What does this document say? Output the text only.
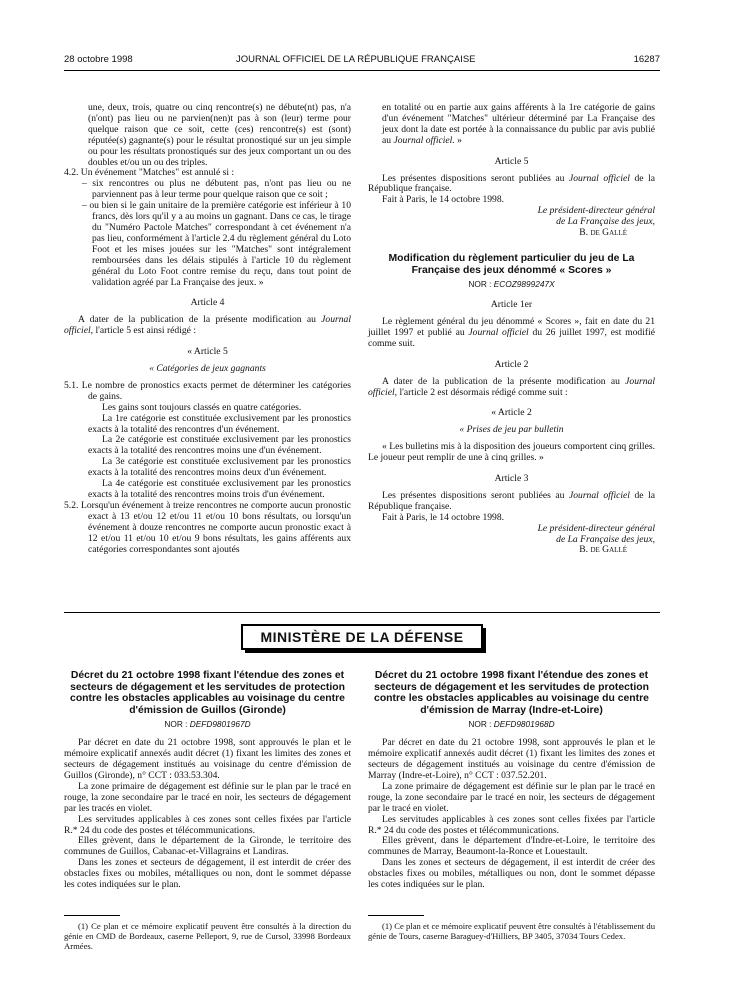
28 octobre 1998	JOURNAL OFFICIEL DE LA RÉPUBLIQUE FRANÇAISE	16287

une, deux, trois, quatre ou cinq rencontre(s) ne débute(nt) pas, n'a (n'ont) pas lieu ou ne parvien(nen)t pas à son (leur) terme pour quelque raison que ce soit, cette (ces) rencontre(s) est (sont) réputée(s) gagnante(s) pour le résultat pronostiqué sur un jeu simple ou pour les résultats pronostiqués sur des jeux comportant un ou des doubles et/ou un ou des triples.

4.2. Un événement "Matches" est annulé si :

– six rencontres ou plus ne débutent pas, n'ont pas lieu ou ne parviennent pas à leur terme pour quelque raison que ce soit ;

– ou bien si le gain unitaire de la première catégorie est inférieur à 10 francs, dès lors qu'il y a au moins un gagnant. Dans ce cas, le tirage du "Numéro Pactole Matches" correspondant à cet événement n'a pas lieu, conformément à l'article 2.4 du règlement général du Loto Foot et les mises jouées sur les "Matches" sont intégralement remboursées dans les délais stipulés à l'article 10 du règlement général du Loto Foot contre remise du reçu, dans tout point de validation agréé par La Française des jeux. »

Article 4

A dater de la publication de la présente modification au Journal officiel, l'article 5 est ainsi rédigé :

« Article 5

« Catégories de jeux gagnants

5.1. Le nombre de pronostics exacts permet de déterminer les catégories de gains.

Les gains sont toujours classés en quatre catégories.

La 1re catégorie est constituée exclusivement par les pronostics exacts à la totalité des rencontres d'un événement.

La 2e catégorie est constituée exclusivement par les pronostics exacts à la totalité des rencontres moins une d'un événement.

La 3e catégorie est constituée exclusivement par les pronostics exacts à la totalité des rencontres moins deux d'un événement.

La 4e catégorie est constituée exclusivement par les pronostics exacts à la totalité des rencontres moins trois d'un événement.

5.2. Lorsqu'un événement à treize rencontres ne comporte aucun pronostic exact à 13 et/ou 12 et/ou 11 et/ou 10 bons résultats, ou lorsqu'un événement à douze rencontres ne comporte aucun pronostic exact à 12 et/ou 11 et/ou 10 et/ou 9 bons résultats, les gains afférents aux catégories correspondantes sont ajoutés

en totalité ou en partie aux gains afférents à la 1re catégorie de gains d'un événement "Matches" ultérieur déterminé par La Française des jeux dont la date est portée à la connaissance du public par avis publié au Journal officiel. »

Article 5

Les présentes dispositions seront publiées au Journal officiel de la République française.

Fait à Paris, le 14 octobre 1998.

Le président-directeur général

de La Française des jeux,

B. de Gallé

Modification du règlement particulier du jeu de La Française des jeux dénommé « Scores »

NOR : ECOZ9899247X

Article 1er

Le règlement général du jeu dénommé « Scores », fait en date du 21 juillet 1997 et publié au Journal officiel du 26 juillet 1997, est modifié comme suit.

Article 2

A dater de la publication de la présente modification au Journal officiel, l'article 2 est désormais rédigé comme suit :

« Article 2

« Prises de jeu par bulletin

« Les bulletins mis à la disposition des joueurs comportent cinq grilles. Le joueur peut remplir de une à cinq grilles. »

Article 3

Les présentes dispositions seront publiées au Journal officiel de la République française.

Fait à Paris, le 14 octobre 1998.

Le président-directeur général

de La Française des jeux,

B. de Gallé

MINISTÈRE DE LA DÉFENSE

Décret du 21 octobre 1998 fixant l'étendue des zones et secteurs de dégagement et les servitudes de protection contre les obstacles applicables au voisinage du centre d'émission de Guillos (Gironde)

NOR : DEFD9801967D

Par décret en date du 21 octobre 1998, sont approuvés le plan et le mémoire explicatif annexés audit décret (1) fixant les limites des zones et secteurs de dégagement institués au voisinage du centre d'émission de Guillos (Gironde), n° CCT : 033.53.304.

La zone primaire de dégagement est définie sur le plan par le tracé en rouge, la zone secondaire par le tracé en noir, les secteurs de dégagement par les tracés en violet.

Les servitudes applicables à ces zones sont celles fixées par l'article R.* 24 du code des postes et télécommunications.

Elles grèvent, dans le département de la Gironde, le territoire des communes de Guillos, Cabanac-et-Villagrains et Landiras.

Dans les zones et secteurs de dégagement, il est interdit de créer des obstacles fixes ou mobiles, métalliques ou non, dont le sommet dépasse les cotes indiquées sur le plan.

(1) Ce plan et ce mémoire explicatif peuvent être consultés à la direction du génie en CMD de Bordeaux, caserne Pelleport, 9, rue de Cursol, 33998 Bordeaux Armées.

Décret du 21 octobre 1998 fixant l'étendue des zones et secteurs de dégagement et les servitudes de protection contre les obstacles applicables au voisinage du centre d'émission de Marray (Indre-et-Loire)

NOR : DEFD9801968D

Par décret en date du 21 octobre 1998, sont approuvés le plan et le mémoire explicatif annexés audit décret (1) fixant les limites des zones et secteurs de dégagement institués au voisinage du centre d'émission de Marray (Indre-et-Loire), n° CCT : 037.52.201.

La zone primaire de dégagement est définie sur le plan par le tracé en rouge, la zone secondaire par le tracé en noir, les secteurs de dégagement par le tracé en violet.

Les servitudes applicables à ces zones sont celles fixées par l'article R.* 24 du code des postes et télécommunications.

Elles grèvent, dans le département d'Indre-et-Loire, le territoire des communes de Marray, Beaumont-la-Ronce et Louestault.

Dans les zones et secteurs de dégagement, il est interdit de créer des obstacles fixes ou mobiles, métalliques ou non, dont le sommet dépasse les cotes indiquées sur le plan.

(1) Ce plan et ce mémoire explicatif peuvent être consultés à l'établissement du génie de Tours, caserne Baraguey-d'Hilliers, BP 3405, 37034 Tours Cedex.
